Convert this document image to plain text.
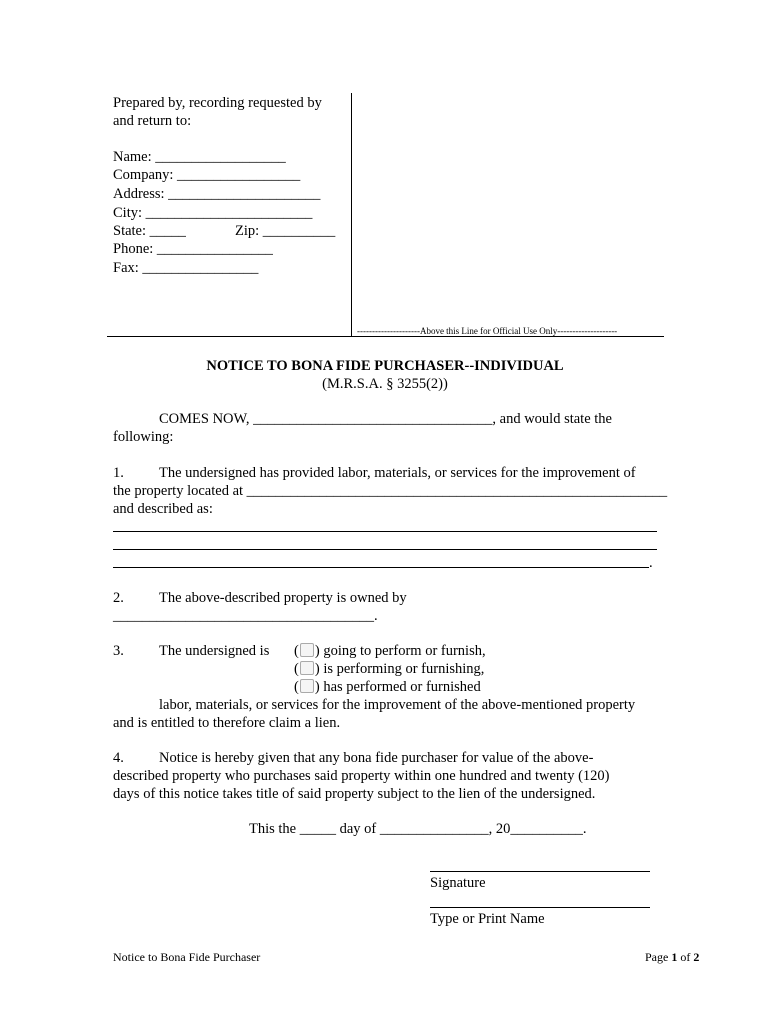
Prepared by, recording requested by
and return to:
Name: __________________
Company: _________________
Address: _____________________
City: _______________________
State: _____	Zip: __________
Phone: ________________
Fax: ________________
---------------------Above this Line for Official Use Only--------------------
NOTICE TO BONA FIDE PURCHASER--INDIVIDUAL
(M.R.S.A. § 3255(2))
COMES NOW, _________________________________, and would state the
following:
1. The undersigned has provided labor, materials, or services for the improvement of
the property located at __________________________________________________________
and described as:
.
2. The above-described property is owned by
____________________________________.
3. The undersigned is ( ) going to perform or furnish,
( ) is performing or furnishing,
( ) has performed or furnished
labor, materials, or services for the improvement of the above-mentioned property
and is entitled to therefore claim a lien.
4. Notice is hereby given that any bona fide purchaser for value of the above-
described property who purchases said property within one hundred and twenty (120)
days of this notice takes title of said property subject to the lien of the undersigned.
This the _____ day of _______________, 20__________.
Signature
Type or Print Name
Notice to Bona Fide Purchaser	Page 1 of 2
